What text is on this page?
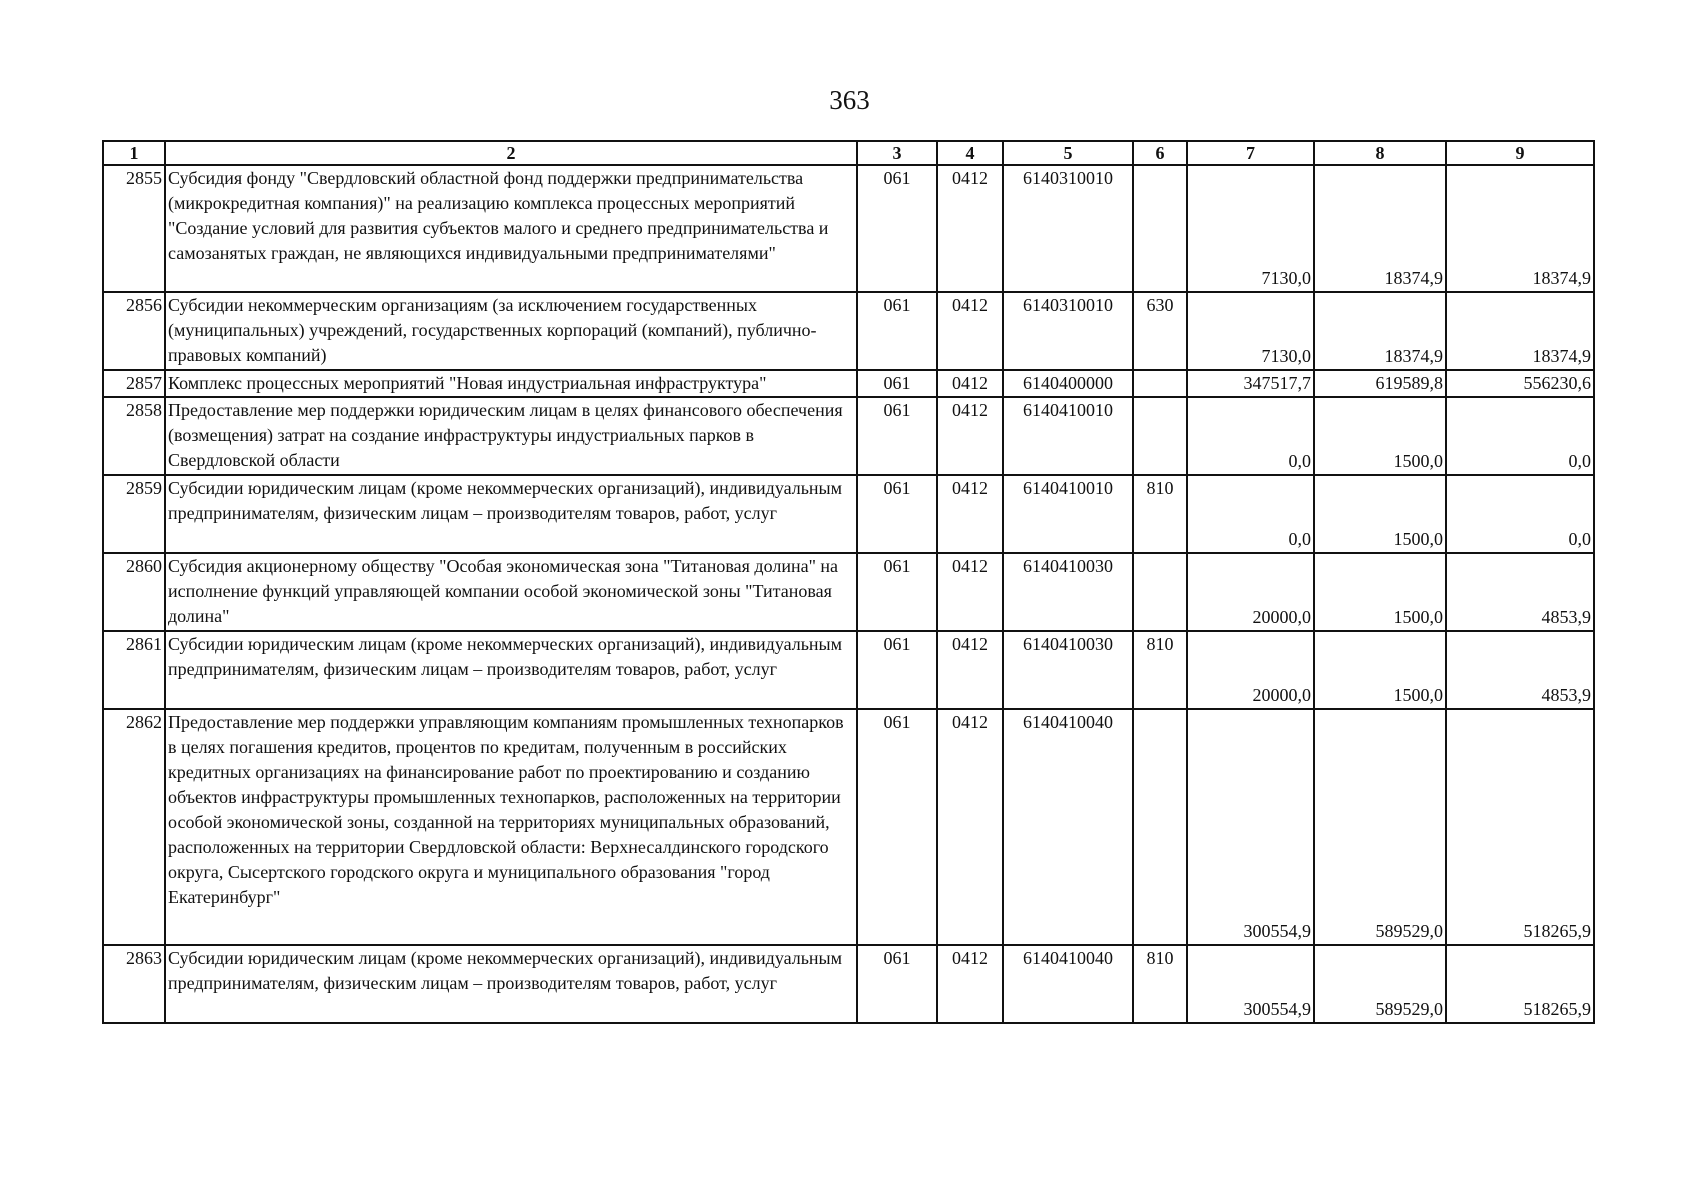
363
1	2	3	4	5	6	7	8	9
2855	Субсидия фонду "Свердловский областной фонд поддержки предпринимательства (микрокредитная компания)" на реализацию комплекса процессных мероприятий "Создание условий для развития субъектов малого и среднего предпринимательства и самозанятых граждан, не являющихся индивидуальными предпринимателями"	061	0412	6140310010		7130,0	18374,9	18374,9
2856	Субсидии некоммерческим организациям (за исключением государственных (муниципальных) учреждений, государственных корпораций (компаний), публично-правовых компаний)	061	0412	6140310010	630	7130,0	18374,9	18374,9
2857	Комплекс процессных мероприятий "Новая индустриальная инфраструктура"	061	0412	6140400000		347517,7	619589,8	556230,6
2858	Предоставление мер поддержки юридическим лицам в целях финансового обеспечения (возмещения) затрат на создание инфраструктуры индустриальных парков в Свердловской области	061	0412	6140410010		0,0	1500,0	0,0
2859	Субсидии юридическим лицам (кроме некоммерческих организаций), индивидуальным предпринимателям, физическим лицам – производителям товаров, работ, услуг	061	0412	6140410010	810	0,0	1500,0	0,0
2860	Субсидия акционерному обществу "Особая экономическая зона "Титановая долина" на исполнение функций управляющей компании особой экономической зоны "Титановая долина"	061	0412	6140410030		20000,0	1500,0	4853,9
2861	Субсидии юридическим лицам (кроме некоммерческих организаций), индивидуальным предпринимателям, физическим лицам – производителям товаров, работ, услуг	061	0412	6140410030	810	20000,0	1500,0	4853,9
2862	Предоставление мер поддержки управляющим компаниям промышленных технопарков в целях погашения кредитов, процентов по кредитам, полученным в российских кредитных организациях на финансирование работ по проектированию и созданию объектов инфраструктуры промышленных технопарков, расположенных на территории особой экономической зоны, созданной на территориях муниципальных образований, расположенных на территории Свердловской области: Верхнесалдинского городского округа, Сысертского городского округа и муниципального образования "город Екатеринбург"	061	0412	6140410040		300554,9	589529,0	518265,9
2863	Субсидии юридическим лицам (кроме некоммерческих организаций), индивидуальным предпринимателям, физическим лицам – производителям товаров, работ, услуг	061	0412	6140410040	810	300554,9	589529,0	518265,9
